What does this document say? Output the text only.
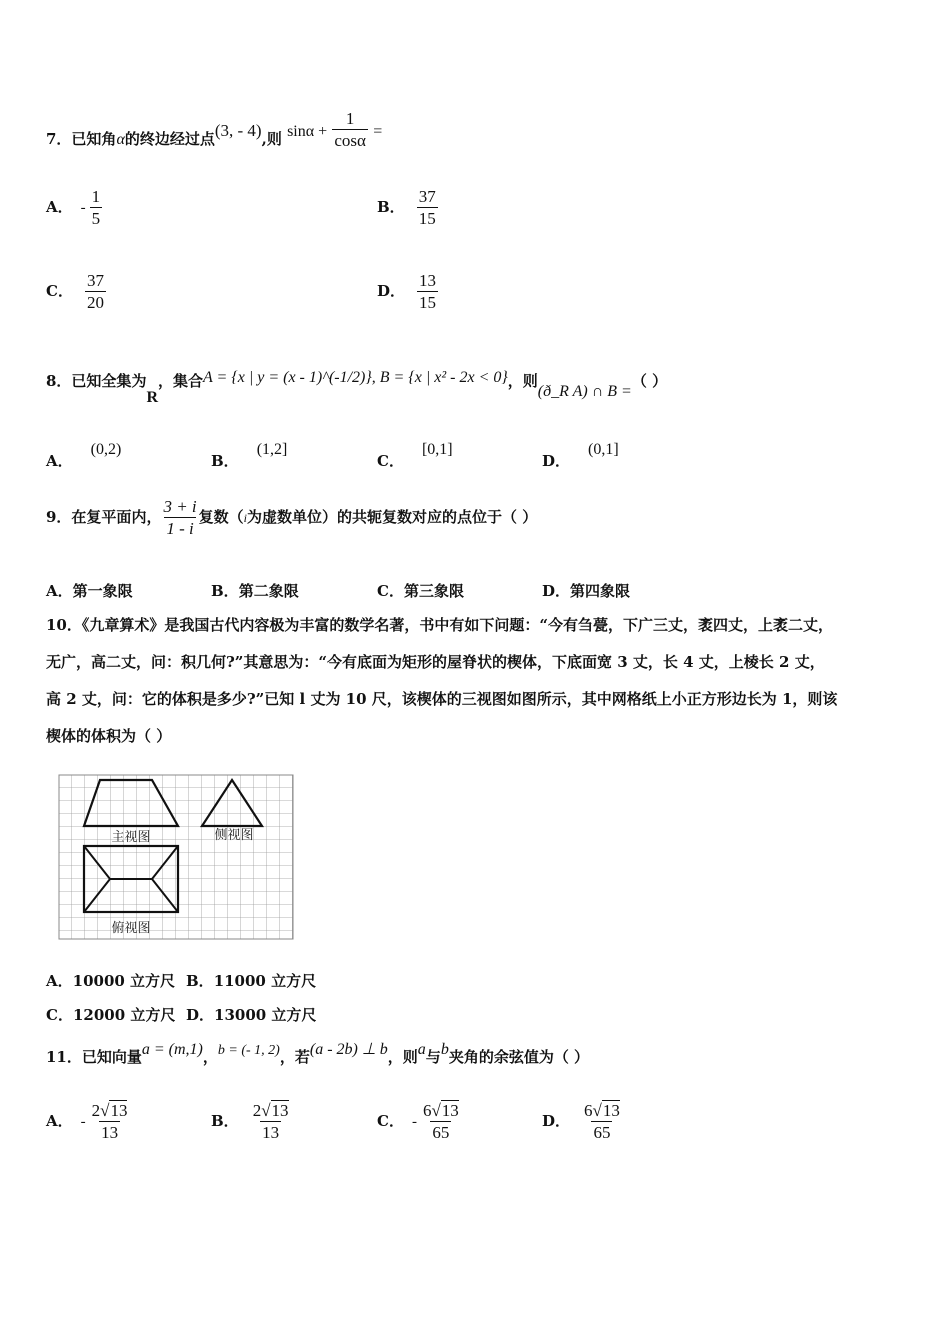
7．已知角α的终边经过点(3, - 4),则 $\sin\alpha + \frac{1}{\cos\alpha}$ =
A． - $\frac{1}{5}$	B． $\frac{37}{15}$
C． $\frac{37}{20}$	D． $\frac{13}{15}$
8．已知全集为R，集合A = {x | y = (x - 1)^(-1/2)}, B = {x | x² - 2x < 0}，则(ð_R A) ∩ B =（ ）
A．(0,2)
B．(1,2]
C．[0,1]
D．(0,1]
9．在复平面内， $\frac{3 + i}{1 - i}$ 复数（i为虚数单位）的共轭复数对应的点位于（ ）
A．第一象限	B．第二象限	C．第三象限	D．第四象限
10．《九章算术》是我国古代内容极为丰富的数学名著，书中有如下问题：“今有刍甍，下广三丈，袤四丈，上袤二丈，
无广，高二丈，问：积几何?”其意思为：“今有底面为矩形的屋脊状的楔体，下底面宽 3 丈，长 4 丈，上棱长 2 丈，
高 2 丈，问：它的体积是多少?”已知 l 丈为 10 尺，该楔体的三视图如图所示，其中网格纸上小正方形边长为 1，则该
楔体的体积为（ ）
主视图	侧视图
俯视图
A．10000 立方尺 B．11000 立方尺
C．12000 立方尺 D．13000 立方尺
11．已知向量a = (m,1)，b = (- 1, 2)，若(a - 2b) ⊥ b，则a与b夹角的余弦值为（ ）
A． - $\frac{2√13}{13}$	B． $\frac{2√13}{13}$	C． - $\frac{6√13}{65}$	D． $\frac{6√13}{65}$
